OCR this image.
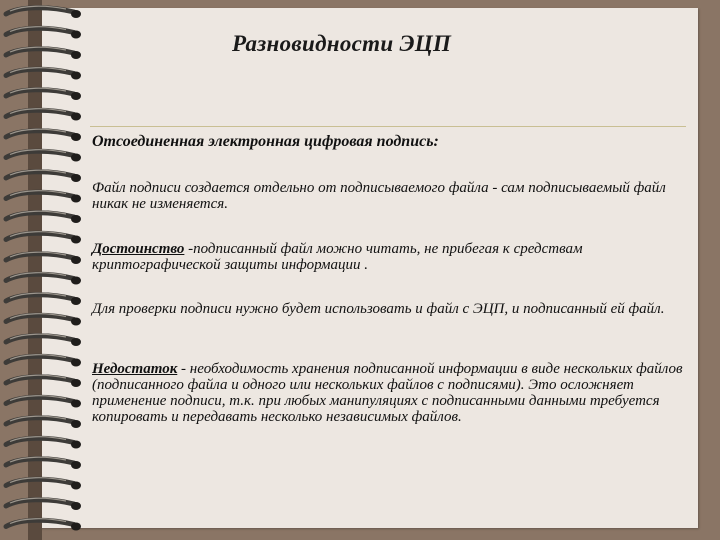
Разновидности ЭЦП
Отсоединенная электронная цифровая подпись:
Файл подписи создается отдельно от подписываемого файла - сам подписываемый файл никак не изменяется.
Достоинство -подписанный файл можно читать, не прибегая к средствам криптографической защиты информации .
Для проверки подписи нужно будет использовать и файл с ЭЦП, и подписанный ей файл.
Недостаток - необходимость хранения подписанной информации в виде нескольких файлов (подписанного файла и одного или нескольких файлов с подписями). Это осложняет применение подписи, т.к. при любых манипуляциях с подписанными данными требуется копировать и передавать несколько независимых файлов.
